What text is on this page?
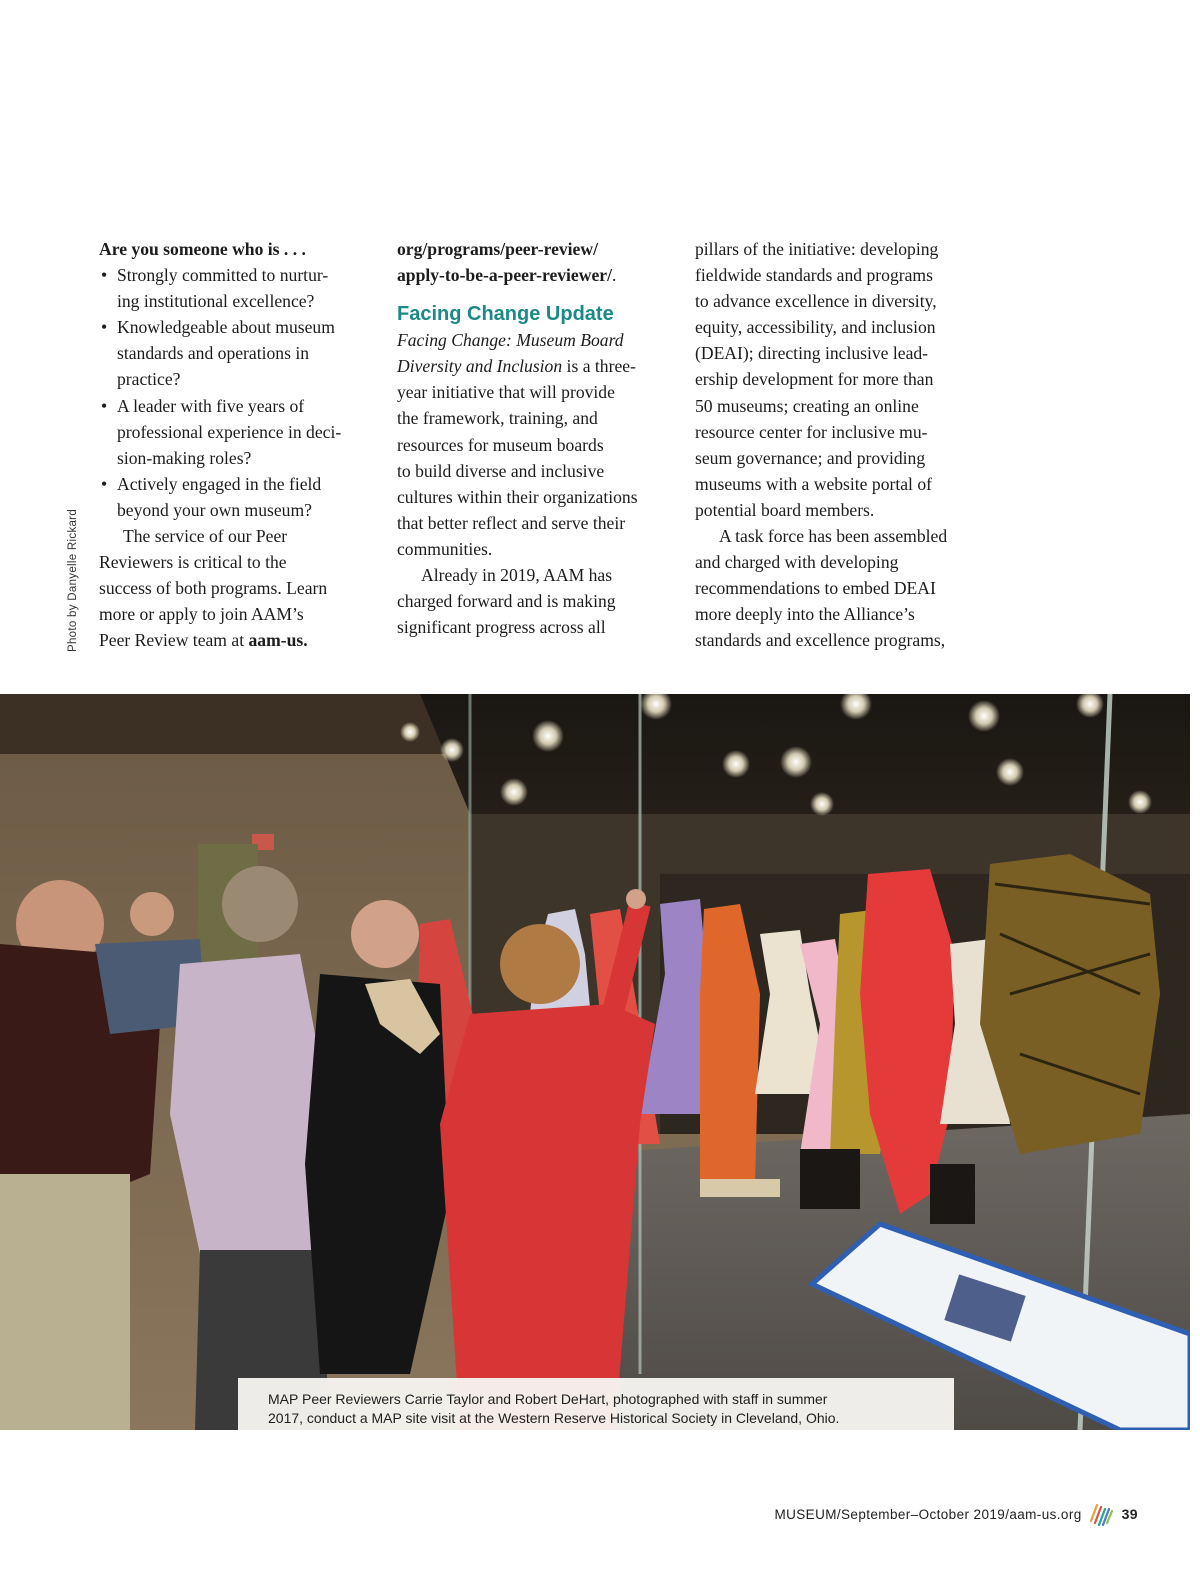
Are you someone who is . . .
• Strongly committed to nurtur-
ing institutional excellence?
• Knowledgeable about museum
standards and operations in
practice?
• A leader with five years of
professional experience in deci-
sion-making roles?
• Actively engaged in the field
beyond your own museum?
The service of our Peer
Reviewers is critical to the
success of both programs. Learn
more or apply to join AAM’s
Peer Review team at aam-us.
org/programs/peer-review/
apply-to-be-a-peer-reviewer/.
Facing Change Update
Facing Change: Museum Board
Diversity and Inclusion is a three-
year initiative that will provide
the framework, training, and
resources for museum boards
to build diverse and inclusive
cultures within their organizations
that better reflect and serve their
communities.
Already in 2019, AAM has
charged forward and is making
significant progress across all
pillars of the initiative: developing
fieldwide standards and programs
to advance excellence in diversity,
equity, accessibility, and inclusion
(DEAI); directing inclusive lead-
ership development for more than
50 museums; creating an online
resource center for inclusive mu-
seum governance; and providing
museums with a website portal of
potential board members.
A task force has been assembled
and charged with developing
recommendations to embed DEAI
more deeply into the Alliance’s
standards and excellence programs,
Photo by Danyelle Rickard
MAP Peer Reviewers Carrie Taylor and Robert DeHart, photographed with staff in summer
2017, conduct a MAP site visit at the Western Reserve Historical Society in Cleveland, Ohio.
MUSEUM / September–October 2019 / aam-us.org	39
